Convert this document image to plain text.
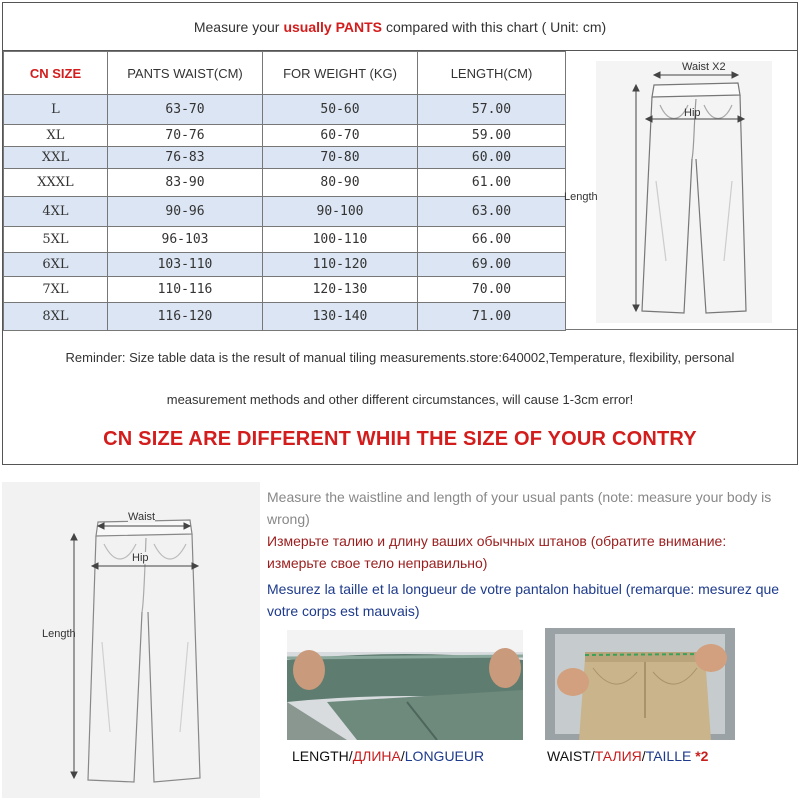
Measure your usually PANTS compared with this chart ( Unit: cm)
CN SIZE	PANTS WAIST(CM)	FOR WEIGHT (KG)	LENGTH(CM)
L	63-70	50-60	57.00
XL	70-76	60-70	59.00
XXL	76-83	70-80	60.00
XXXL	83-90	80-90	61.00
4XL	90-96	90-100	63.00
5XL	96-103	100-110	66.00
6XL	103-110	110-120	69.00
7XL	110-116	120-130	70.00
8XL	116-120	130-140	71.00
Waist X2
Hip
Length

Reminder: Size table data is the result of manual tiling measurements.store:640002,Temperature, flexibility, personal

measurement methods and other different circumstances, will cause 1-3cm error!

CN SIZE ARE DIFFERENT WHIH THE SIZE OF YOUR CONTRY
Waist
Hip
Length

Measure the waistline and length of your usual pants (note: measure your body is wrong)

Измерьте талию и длину ваших обычных штанов (обратите внимание: измерьте свое тело неправильно)

Mesurez la taille et la longueur de votre pantalon habituel (remarque: mesurez que votre corps est mauvais)

LENGTH/ДЛИНА/LONGUEUR	WAIST/ТАЛИЯ/TAILLE *2
